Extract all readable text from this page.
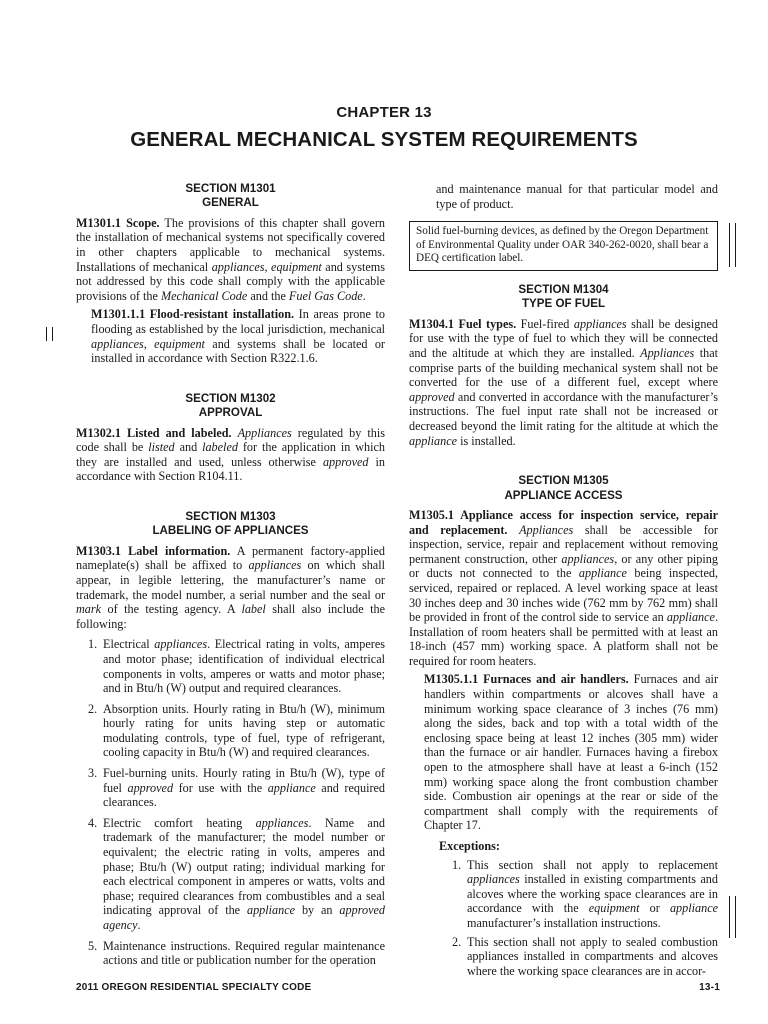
CHAPTER 13
GENERAL MECHANICAL SYSTEM REQUIREMENTS
SECTION M1301
GENERAL

M1301.1 Scope. The provisions of this chapter shall govern the installation of mechanical systems not specifically covered in other chapters applicable to mechanical systems. Installations of mechanical appliances, equipment and systems not addressed by this code shall comply with the applicable provisions of the Mechanical Code and the Fuel Gas Code.

M1301.1.1 Flood-resistant installation. In areas prone to flooding as established by the local jurisdiction, mechanical appliances, equipment and systems shall be located or installed in accordance with Section R322.1.6.

SECTION M1302
APPROVAL

M1302.1 Listed and labeled. Appliances regulated by this code shall be listed and labeled for the application in which they are installed and used, unless otherwise approved in accordance with Section R104.11.

SECTION M1303
LABELING OF APPLIANCES

M1303.1 Label information. A permanent factory-applied nameplate(s) shall be affixed to appliances on which shall appear, in legible lettering, the manufacturer’s name or trademark, the model number, a serial number and the seal or mark of the testing agency. A label shall also include the following:

1. Electrical appliances. Electrical rating in volts, amperes and motor phase; identification of individual electrical components in volts, amperes or watts and motor phase; and in Btu/h (W) output and required clearances.
2. Absorption units. Hourly rating in Btu/h (W), minimum hourly rating for units having step or automatic modulating controls, type of fuel, type of refrigerant, cooling capacity in Btu/h (W) and required clearances.
3. Fuel-burning units. Hourly rating in Btu/h (W), type of fuel approved for use with the appliance and required clearances.
4. Electric comfort heating appliances. Name and trademark of the manufacturer; the model number or equivalent; the electric rating in volts, amperes and phase; Btu/h (W) output rating; individual marking for each electrical component in amperes or watts, volts and phase; required clearances from combustibles and a seal indicating approval of the appliance by an approved agency.
5. Maintenance instructions. Required regular maintenance actions and title or publication number for the operation

and maintenance manual for that particular model and type of product.

Solid fuel-burning devices, as defined by the Oregon Department of Environmental Quality under OAR 340-262-0020, shall bear a DEQ certification label.
SECTION M1304
TYPE OF FUEL

M1304.1 Fuel types. Fuel-fired appliances shall be designed for use with the type of fuel to which they will be connected and the altitude at which they are installed. Appliances that comprise parts of the building mechanical system shall not be converted for the use of a different fuel, except where approved and converted in accordance with the manufacturer’s instructions. The fuel input rate shall not be increased or decreased beyond the limit rating for the altitude at which the appliance is installed.

SECTION M1305
APPLIANCE ACCESS

M1305.1 Appliance access for inspection service, repair and replacement. Appliances shall be accessible for inspection, service, repair and replacement without removing permanent construction, other appliances, or any other piping or ducts not connected to the appliance being inspected, serviced, repaired or replaced. A level working space at least 30 inches deep and 30 inches wide (762 mm by 762 mm) shall be provided in front of the control side to service an appliance. Installation of room heaters shall be permitted with at least an 18-inch (457 mm) working space. A platform shall not be required for room heaters.

M1305.1.1 Furnaces and air handlers. Furnaces and air handlers within compartments or alcoves shall have a minimum working space clearance of 3 inches (76 mm) along the sides, back and top with a total width of the enclosing space being at least 12 inches (305 mm) wider than the furnace or air handler. Furnaces having a firebox open to the atmosphere shall have at least a 6-inch (152 mm) working space along the front combustion chamber side. Combustion air openings at the rear or side of the compartment shall comply with the requirements of Chapter 17.

Exceptions:
1. This section shall not apply to replacement appliances installed in existing compartments and alcoves where the working space clearances are in accordance with the equipment or appliance manufacturer’s installation instructions.
2. This section shall not apply to sealed combustion appliances installed in compartments and alcoves where the working space clearances are in accor-
2011 OREGON RESIDENTIAL SPECIALTY CODE	13-1
